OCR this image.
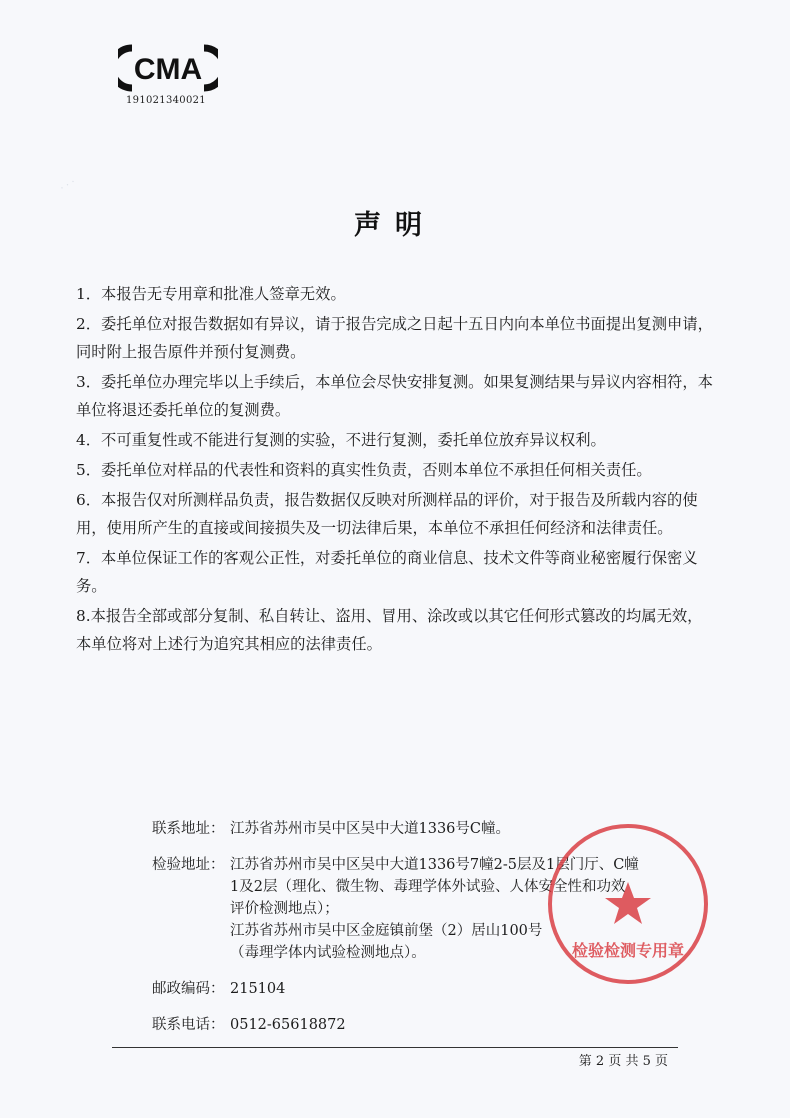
· · ·
CMA
191021340021
声明

1．本报告无专用章和批准人签章无效。

2．委托单位对报告数据如有异议，请于报告完成之日起十五日内向本单位书面提出复测申请，同时附上报告原件并预付复测费。

3．委托单位办理完毕以上手续后，本单位会尽快安排复测。如果复测结果与异议内容相符，本单位将退还委托单位的复测费。

4．不可重复性或不能进行复测的实验，不进行复测，委托单位放弃异议权利。

5．委托单位对样品的代表性和资料的真实性负责，否则本单位不承担任何相关责任。

6．本报告仅对所测样品负责，报告数据仅反映对所测样品的评价，对于报告及所载内容的使用，使用所产生的直接或间接损失及一切法律后果，本单位不承担任何经济和法律责任。

7．本单位保证工作的客观公正性，对委托单位的商业信息、技术文件等商业秘密履行保密义务。

8.本报告全部或部分复制、私自转让、盗用、冒用、涂改或以其它任何形式篡改的均属无效，本单位将对上述行为追究其相应的法律责任。

联系地址： 江苏省苏州市吴中区吴中大道1336号C幢。
检验地址： 江苏省苏州市吴中区吴中大道1336号7幢2-5层及1层门厅、C幢
1及2层（理化、微生物、毒理学体外试验、人体安全性和功效
评价检测地点）；
江苏省苏州市吴中区金庭镇前堡（2）居山100号
（毒理学体内试验检测地点）。
邮政编码： 215104
联系电话： 0512-65618872
检验检测专用章
第 2 页 共 5 页
